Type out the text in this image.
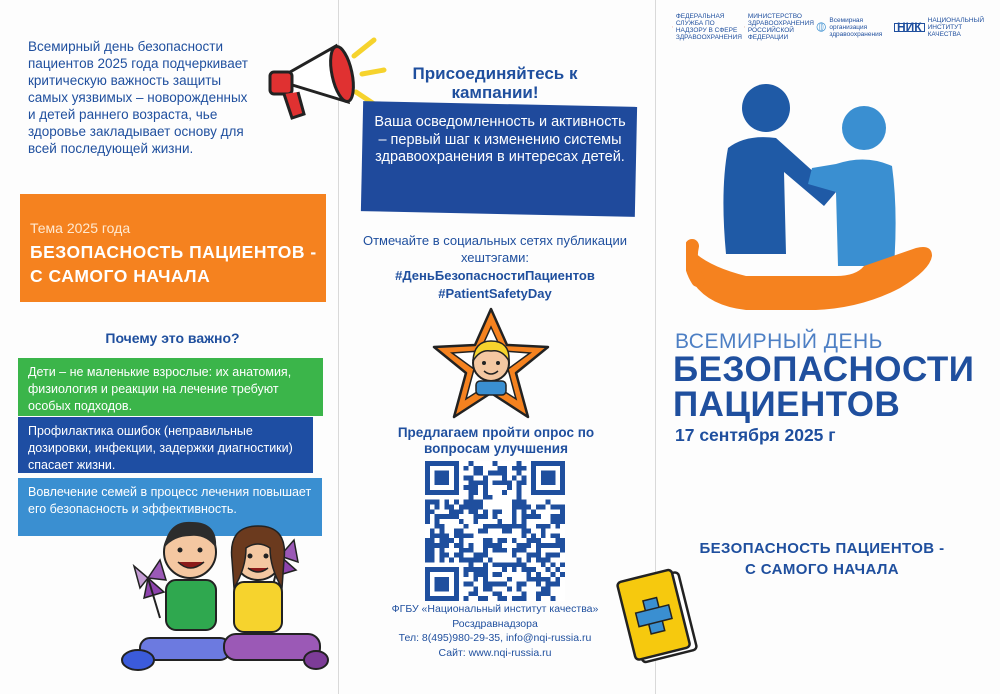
Всемирный день безопасности пациентов 2025 года подчеркивает критическую важность защиты самых уязвимых – новорожденных и детей раннего возраста, чье здоровье закладывает основу для всей последующей жизни.
Тема 2025 года
БЕЗОПАСНОСТЬ ПАЦИЕНТОВ - С САМОГО НАЧАЛА
Почему это важно?
Дети – не маленькие взрослые: их анатомия, физиология и реакции на лечение требуют особых подходов.
Профилактика ошибок (неправильные дозировки, инфекции, задержки диагностики) спасает жизни.
Вовлечение семей в процесс лечения повышает его безопасность и эффективность.
Присоединяйтесь к кампании!
Ваша осведомленность и активность – первый шаг к изменению системы здравоохранения в интересах детей.
Отмечайте в социальных сетях публикации хештэгами:
#ДеньБезопасностиПациентов
#PatientSafetyDay
Предлагаем пройти опрос по вопросам улучшения
ФГБУ «Национальный институт качества»
Росздравнадзора
Тел: 8(495)980-29-35, info@nqi-russia.ru
Сайт: www.nqi-russia.ru
ФЕДЕРАЛЬНАЯ СЛУЖБА ПО НАДЗОРУ В СФЕРЕ ЗДРАВООХРАНЕНИЯ
МИНИСТЕРСТВО ЗДРАВООХРАНЕНИЯ РОССИЙСКОЙ ФЕДЕРАЦИИ
Всемирная организация здравоохранения
НИК НАЦИОНАЛЬНЫЙ ИНСТИТУТ КАЧЕСТВА
ВСЕМИРНЫЙ ДЕНЬ
БЕЗОПАСНОСТИ
ПАЦИЕНТОВ
17 сентября 2025 г
БЕЗОПАСНОСТЬ ПАЦИЕНТОВ -
С САМОГО НАЧАЛА
